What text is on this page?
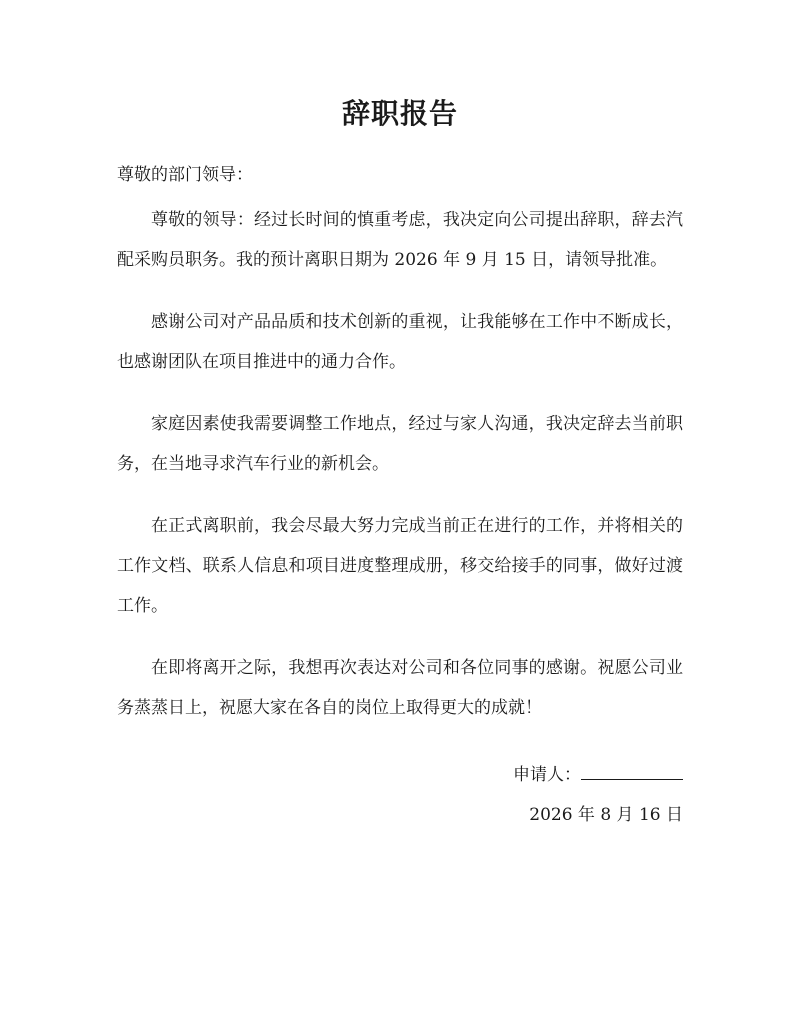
辞职报告

尊敬的部门领导：

尊敬的领导：经过长时间的慎重考虑，我决定向公司提出辞职，辞去汽配采购员职务。我的预计离职日期为 2026 年 9 月 15 日，请领导批准。

感谢公司对产品品质和技术创新的重视，让我能够在工作中不断成长，也感谢团队在项目推进中的通力合作。

家庭因素使我需要调整工作地点，经过与家人沟通，我决定辞去当前职务，在当地寻求汽车行业的新机会。

在正式离职前，我会尽最大努力完成当前正在进行的工作，并将相关的工作文档、联系人信息和项目进度整理成册，移交给接手的同事，做好过渡工作。

在即将离开之际，我想再次表达对公司和各位同事的感谢。祝愿公司业务蒸蒸日上，祝愿大家在各自的岗位上取得更大的成就！

申请人：
2026 年 8 月 16 日
